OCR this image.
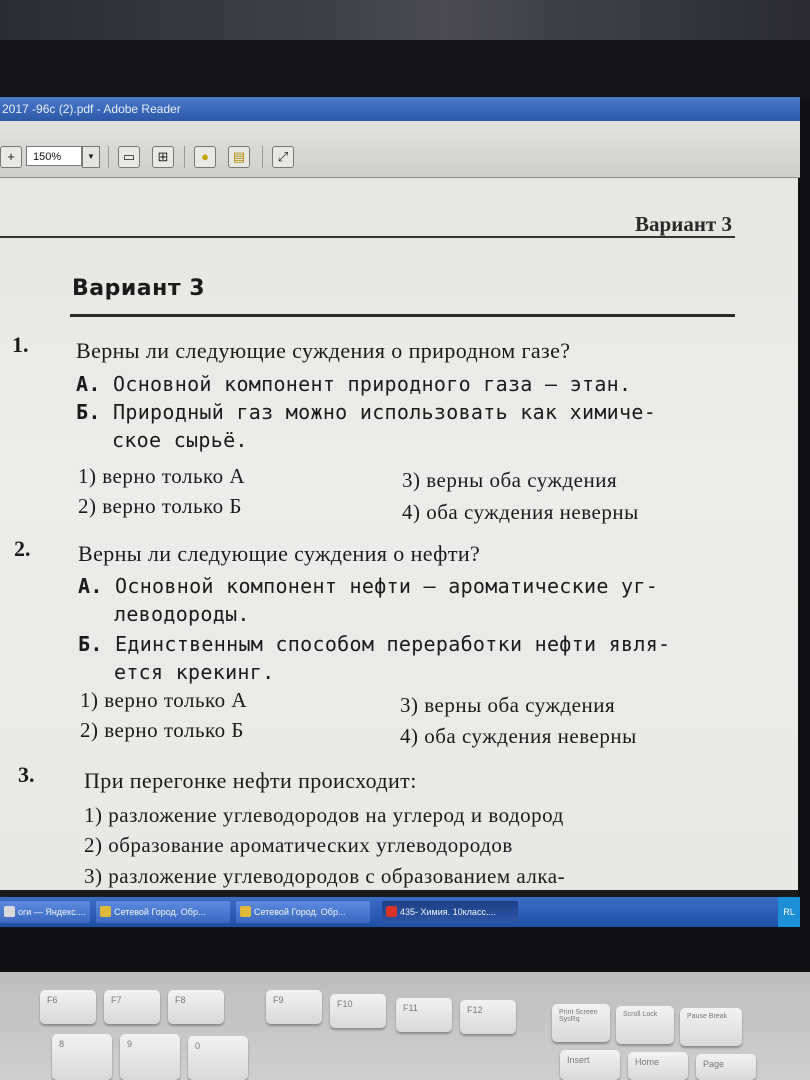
2017 -96с (2).pdf - Adobe Reader
+	150%	▼	▭	⊞	●	▤	⤢
Вариант 3
Вариант 3
1. Верны ли следующие суждения о природном газе?
А. Основной компонент природного газа — этан.
Б. Природный газ можно использовать как химиче-
ское сырьё.
1) верно только А
2) верно только Б
3) верны оба суждения
4) оба суждения неверны
2. Верны ли следующие суждения о нефти?
А. Основной компонент нефти — ароматические уг-
леводороды.
Б. Единственным способом переработки нефти явля-
ется крекинг.
1) верно только А
2) верно только Б
3) верны оба суждения
4) оба суждения неверны
3. При перегонке нефти происходит:
1) разложение углеводородов на углерод и водород
2) образование ароматических углеводородов
3) разложение углеводородов с образованием алка-
оги — Яндекс....	Сетевой Город. Обр...	Сетевой Город. Обр...	435- Химия. 10класс....	RL
F6	F7	F8	F9	F10	F11	F12	Print Screen SysRq
Scroll Lock	Pause Break
8	9	0
Insert	Home	Page
